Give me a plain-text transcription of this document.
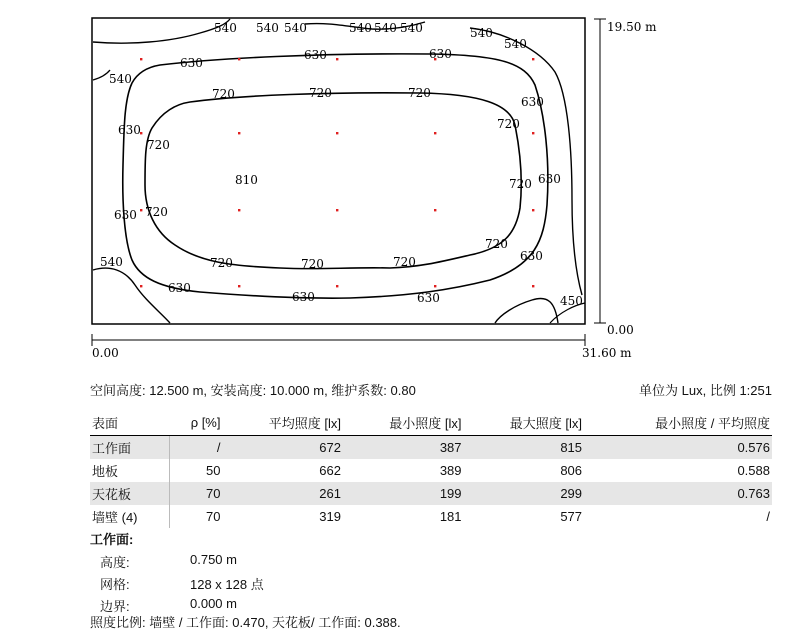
540 540 540	540 540 540	540
540
540
540
630
630	630
630
630
630
630
630
630
630	630
720	720	720
720
720
720
720
720
720	720	720
450
810
19.50 m
0.00
0.00	31.60 m
空间高度: 12.500 m, 安装高度: 10.000 m, 维护系数: 0.80	单位为 Lux, 比例 1:251
表面	ρ [%]	平均照度 [lx]	最小照度 [lx]	最大照度 [lx]	最小照度 / 平均照度
工作面	/	672	387	815	0.576
地板	50	662	389	806	0.588
天花板	70	261	199	299	0.763
墙壁 (4)	70	319	181	577	/
工作面:
高度:	0.750 m
网格:	128 x 128 点
边界:	0.000 m
照度比例: 墙壁 / 工作面: 0.470, 天花板/ 工作面: 0.388.
